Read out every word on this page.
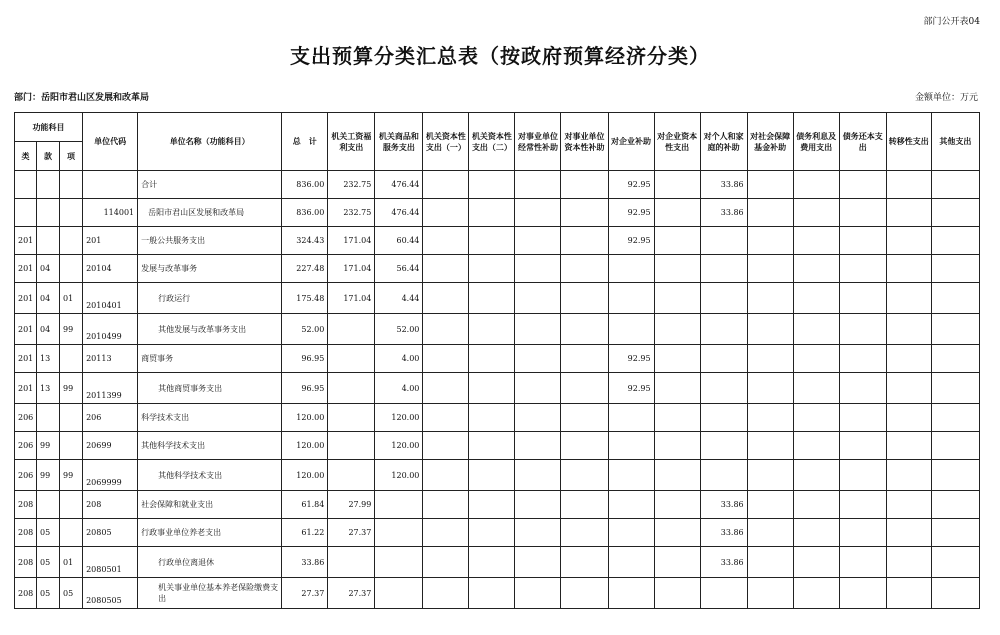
部门公开表04
支出预算分类汇总表（按政府预算经济分类）
部门：岳阳市君山区发展和改革局	金额单位：万元
功能科目			单位代码	单位名称（功能科目）	总　计	机关工资福利支出	机关商品和服务支出	机关资本性支出（一）	机关资本性支出（二）	对事业单位经常性补助	对事业单位资本性补助	对企业补助	对企业资本性支出	对个人和家庭的补助	对社会保障基金补助	债务利息及费用支出	债务还本支出	转移性支出	其他支出
类	款	项																	
				合计	836.00	232.75	476.44					92.95		33.86					
			114001	岳阳市君山区发展和改革局	836.00	232.75	476.44					92.95		33.86					
201			201	一般公共服务支出	324.43	171.04	60.44					92.95							
201	04		20104	发展与改革事务	227.48	171.04	56.44												
201	04	01	2010401	行政运行	175.48	171.04	4.44												
201	04	99	2010499	其他发展与改革事务支出	52.00		52.00												
201	13		20113	商贸事务	96.95		4.00					92.95							
201	13	99	2011399	其他商贸事务支出	96.95		4.00					92.95							
206			206	科学技术支出	120.00		120.00												
206	99		20699	其他科学技术支出	120.00		120.00												
206	99	99	2069999	其他科学技术支出	120.00		120.00												
208			208	社会保障和就业支出	61.84	27.99								33.86					
208	05		20805	行政事业单位养老支出	61.22	27.37								33.86					
208	05	01	2080501	行政单位离退休	33.86									33.86					
208	05	05	2080505	机关事业单位基本养老保险缴费支出	27.37	27.37													
